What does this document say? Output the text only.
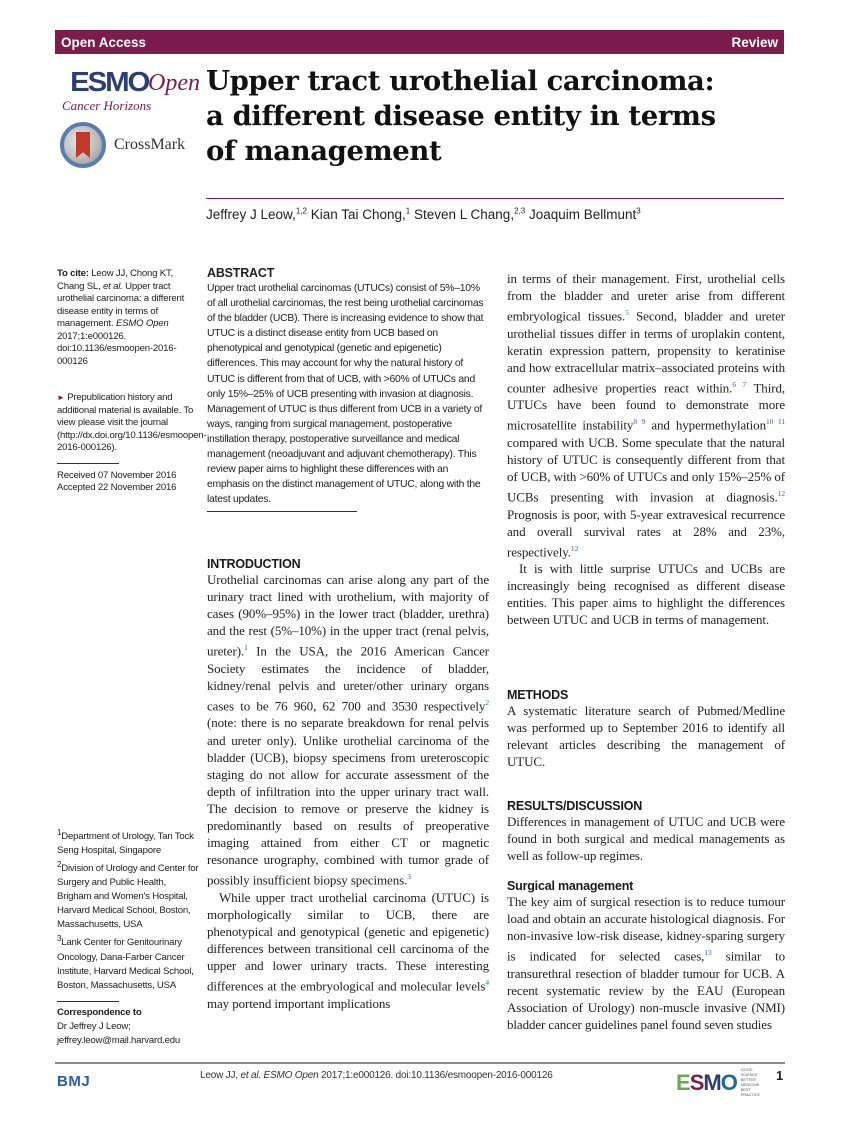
Open Access	Review
ESMO Open
Cancer Horizons
CrossMark
Upper tract urothelial carcinoma: a different disease entity in terms of management
Jeffrey J Leow,$^{1,2}$ Kian Tai Chong,$^1$ Steven L Chang,$^{2,3}$ Joaquim Bellmunt$^3$
To cite: Leow JJ, Chong KT, Chang SL, et al. Upper tract urothelial carcinoma: a different disease entity in terms of management. ESMO Open 2017;1:e000126. doi:10.1136/esmoopen-2016-000126
► Prepublication history and additional material is available. To view please visit the journal (http://dx.doi.org/10.1136/esmoopen-2016-000126).
Received 07 November 2016
Accepted 22 November 2016
$^1$Department of Urology, Tan Tock Seng Hospital, Singapore
$^2$Division of Urology and Center for Surgery and Public Health, Brigham and Women's Hospital, Harvard Medical School, Boston, Massachusetts, USA
$^3$Lank Center for Genitourinary Oncology, Dana-Farber Cancer Institute, Harvard Medical School, Boston, Massachusetts, USA
Correspondence to
Dr Jeffrey J Leow; jeffrey.leow@mail.harvard.edu
ABSTRACT

Upper tract urothelial carcinomas (UTUCs) consist of 5%–10% of all urothelial carcinomas, the rest being urothelial carcinomas of the bladder (UCB). There is increasing evidence to show that UTUC is a distinct disease entity from UCB based on phenotypical and genotypical (genetic and epigenetic) differences. This may account for why the natural history of UTUC is different from that of UCB, with >60% of UTUCs and only 15%–25% of UCB presenting with invasion at diagnosis. Management of UTUC is thus different from UCB in a variety of ways, ranging from surgical management, postoperative instillation therapy, postoperative surveillance and medical management (neoadjuvant and adjuvant chemotherapy). This review paper aims to highlight these differences with an emphasis on the distinct management of UTUC, along with the latest updates.

INTRODUCTION

Urothelial carcinomas can arise along any part of the urinary tract lined with urothelium, with majority of cases (90%–95%) in the lower tract (bladder, urethra) and the rest (5%–10%) in the upper tract (renal pelvis, ureter).$^1$ In the USA, the 2016 American Cancer Society estimates the incidence of bladder, kidney/renal pelvis and ureter/other urinary organs cases to be 76 960, 62 700 and 3530 respectively$^2$ (note: there is no separate breakdown for renal pelvis and ureter only). Unlike urothelial carcinoma of the bladder (UCB), biopsy specimens from ureteroscopic staging do not allow for accurate assessment of the depth of infiltration into the upper urinary tract wall. The decision to remove or preserve the kidney is predominantly based on results of preoperative imaging attained from either CT or magnetic resonance urography, combined with tumor grade of possibly insufficient biopsy specimens.$^3$

While upper tract urothelial carcinoma (UTUC) is morphologically similar to UCB, there are phenotypical and genotypical (genetic and epigenetic) differences between transitional cell carcinoma of the upper and lower urinary tracts. These interesting differences at the embryological and molecular levels$^4$ may portend important implications

in terms of their management. First, urothelial cells from the bladder and ureter arise from different embryological tissues.$^5$ Second, bladder and ureter urothelial tissues differ in terms of uroplakin content, keratin expression pattern, propensity to keratinise and how extracellular matrix–associated proteins with counter adhesive properties react within.$^{6 7}$ Third, UTUCs have been found to demonstrate more microsatellite instability$^{8 9}$ and hypermethylation$^{10 11}$ compared with UCB. Some speculate that the natural history of UTUC is consequently different from that of UCB, with >60% of UTUCs and only 15%–25% of UCBs presenting with invasion at diagnosis.$^{12}$ Prognosis is poor, with 5-year extravesical recurrence and overall survival rates at 28% and 23%, respectively.$^{12}$

It is with little surprise UTUCs and UCBs are increasingly being recognised as different disease entities. This paper aims to highlight the differences between UTUC and UCB in terms of management.

METHODS

A systematic literature search of Pubmed/Medline was performed up to September 2016 to identify all relevant articles describing the management of UTUC.

RESULTS/DISCUSSION

Differences in management of UTUC and UCB were found in both surgical and medical managements as well as follow-up regimes.

Surgical management

The key aim of surgical resection is to reduce tumour load and obtain an accurate histological diagnosis. For non-invasive low-risk disease, kidney-sparing surgery is indicated for selected cases,$^{13}$ similar to transurethral resection of bladder tumour for UCB. A recent systematic review by the EAU (European Association of Urology) non-muscle invasive (NMI) bladder cancer guidelines panel found seven studies

BMJ	Leow JJ, et al. ESMO Open 2017;1:e000126. doi:10.1136/esmoopen-2016-000126	E S M O GOOD SCIENCE BETTER MEDICINE BEST PRACTICE
1
